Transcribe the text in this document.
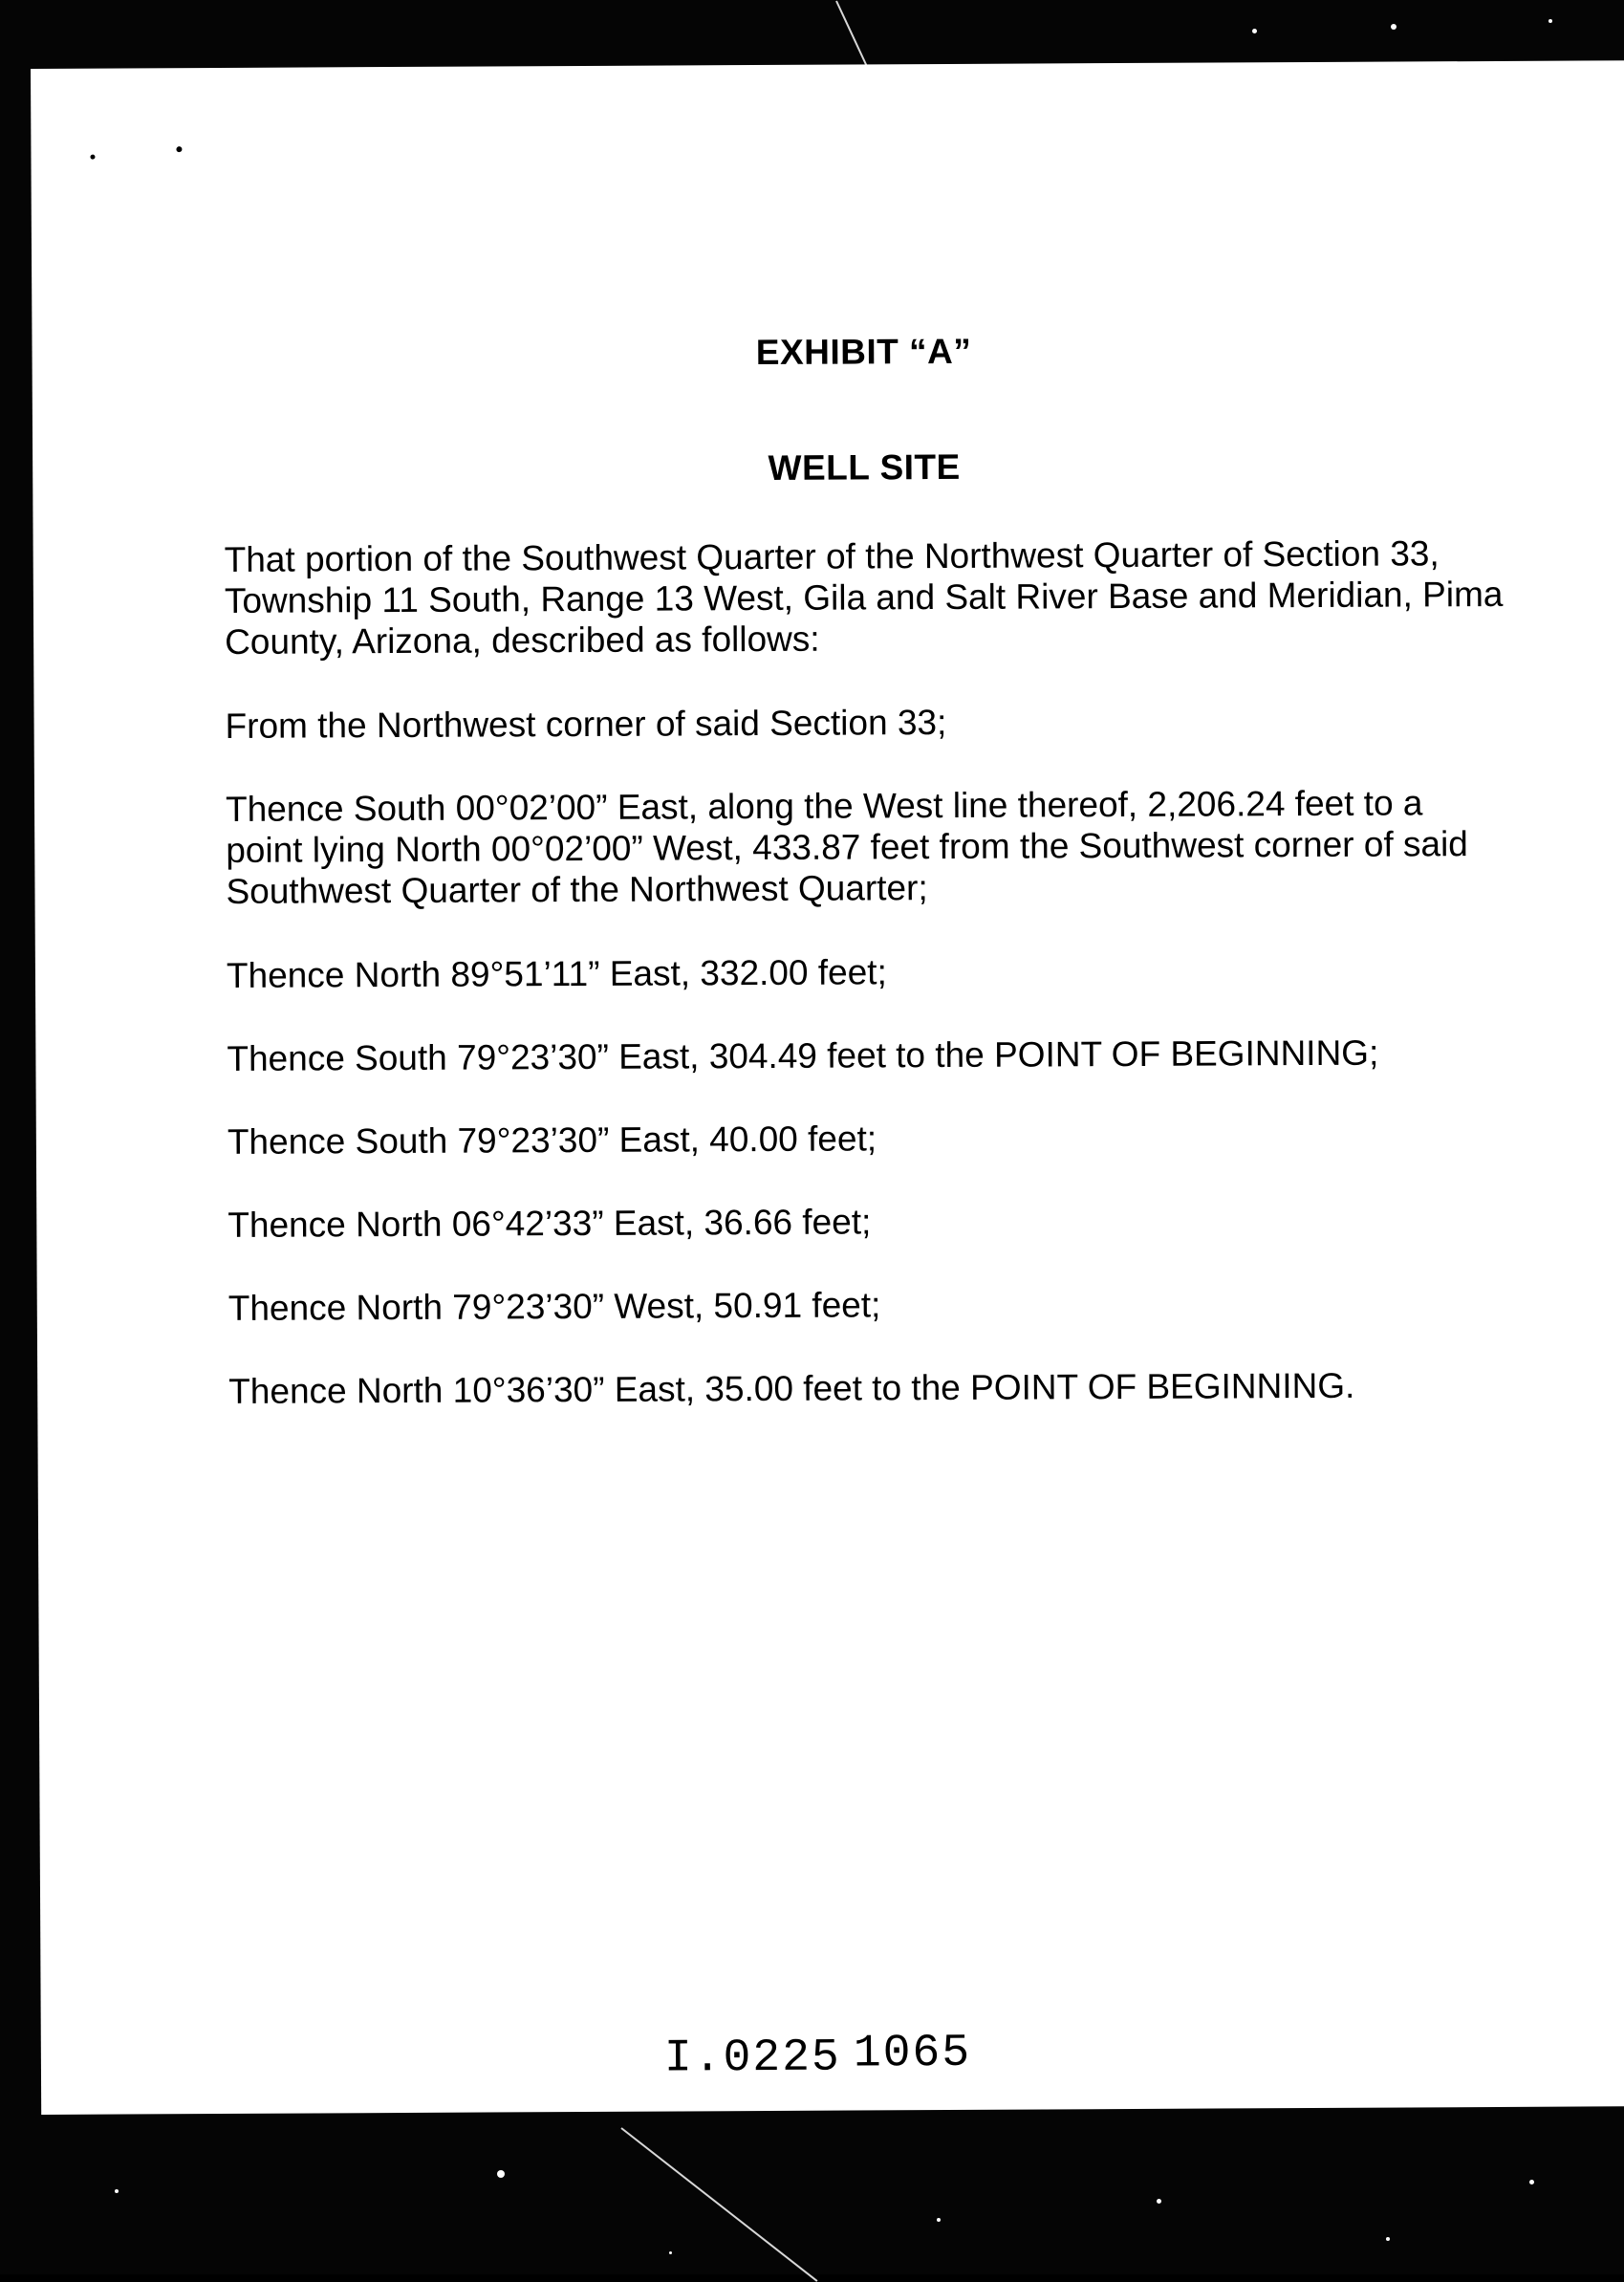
EXHIBIT “A”
WELL SITE
That portion of the Southwest Quarter of the Northwest Quarter of Section 33, Township 11 South, Range 13 West, Gila and Salt River Base and Meridian, Pima County, Arizona, described as follows:
From the Northwest corner of said Section 33;
Thence South 00°02’00” East, along the West line thereof, 2,206.24 feet to a point lying North 00°02’00” West, 433.87 feet from the Southwest corner of said Southwest Quarter of the Northwest Quarter;
Thence North 89°51’11” East, 332.00 feet;
Thence South 79°23’30” East, 304.49 feet to the POINT OF BEGINNING;
Thence South 79°23’30” East, 40.00 feet;
Thence North 06°42’33” East, 36.66 feet;
Thence North 79°23’30” West, 50.91 feet;
Thence North 10°36’30” East, 35.00 feet to the POINT OF BEGINNING.
I.0225 1065
